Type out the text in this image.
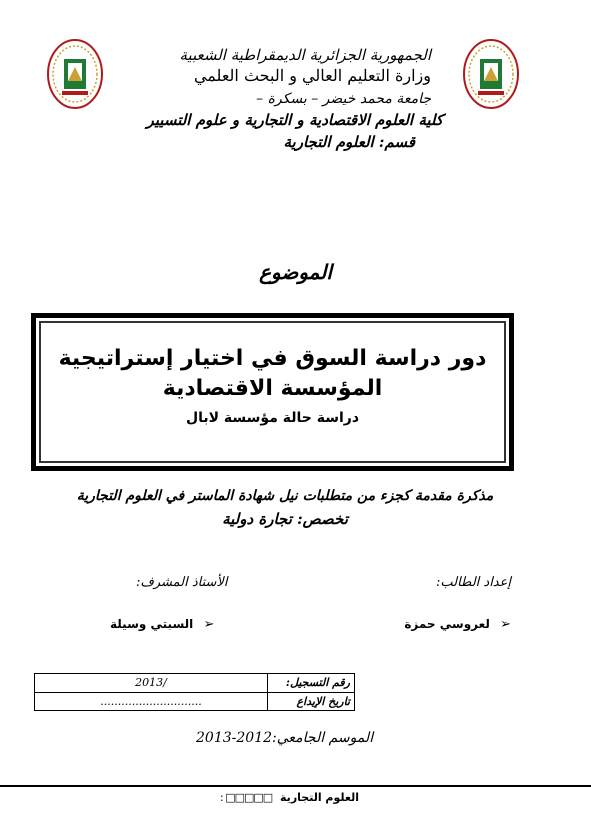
الجمهورية الجزائرية الديمقراطية الشعبية
وزارة التعليم العالي و البحث العلمي
جامعة محمد خيضر – بسكرة –
كلية العلوم الاقتصادية و التجارية و علوم التسيير
قسم: العلوم التجارية
الموضوع
دور دراسة السوق في اختيار إستراتيجية
المؤسسة الاقتصادية
دراسة حالة مؤسسة لابال
مذكرة مقدمة كجزء من متطلبات نيل شهادة الماستر في العلوم التجارية
تخصص: تجارة دولية
إعداد الطالب:
الأستاذ المشرف:
➢ لعروسي حمزة
➢ السبتي وسيلة
2013/	رقم التسجيل:
.............................	تاريخ الإيداع
الموسم الجامعي:2012-2013
العلوم التجارية □□□□□ :
